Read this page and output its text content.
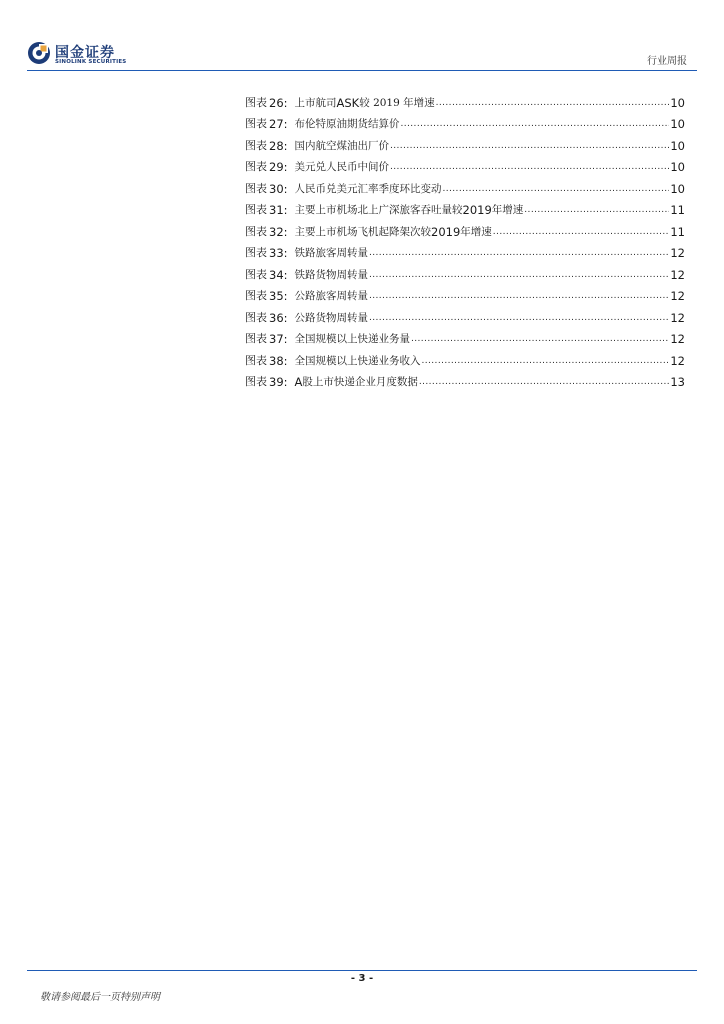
国金证券
SINOLINK SECURITIES	行业周报
图表 26: 上市航司 ASK 较 2019 年增速 .....	10
图表 27: 布伦特原油期货结算价 .....	10
图表 28: 国内航空煤油出厂价 .....	10
图表 29: 美元兑人民币中间价 .....	10
图表 30: 人民币兑美元汇率季度环比变动 .....	10
图表 31: 主要上市机场北上广深旅客吞吐量较 2019 年增速 .....	11
图表 32: 主要上市机场飞机起降架次较 2019 年增速 .....	11
图表 33: 铁路旅客周转量 .....	12
图表 34: 铁路货物周转量 .....	12
图表 35: 公路旅客周转量 .....	12
图表 36: 公路货物周转量 .....	12
图表 37: 全国规模以上快递业务量 .....	12
图表 38: 全国规模以上快递业务收入 .....	12
图表 39: A 股上市快递企业月度数据 .....	13
- 3 -
敬请参阅最后一页特别声明
